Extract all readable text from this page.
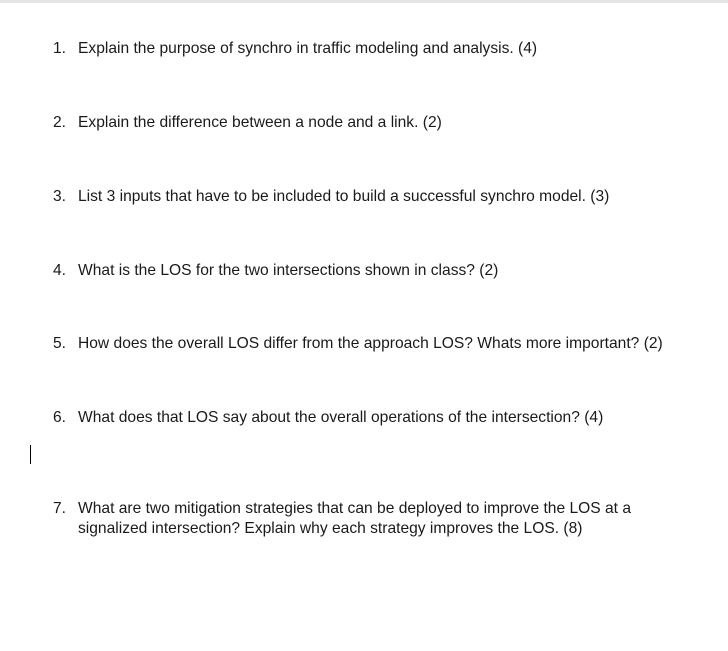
1. Explain the purpose of synchro in traffic modeling and analysis. (4)
2. Explain the difference between a node and a link. (2)
3. List 3 inputs that have to be included to build a successful synchro model. (3)
4. What is the LOS for the two intersections shown in class? (2)
5. How does the overall LOS differ from the approach LOS? Whats more important? (2)
6. What does that LOS say about the overall operations of the intersection? (4)
7. What are two mitigation strategies that can be deployed to improve the LOS at a signalized intersection? Explain why each strategy improves the LOS. (8)
